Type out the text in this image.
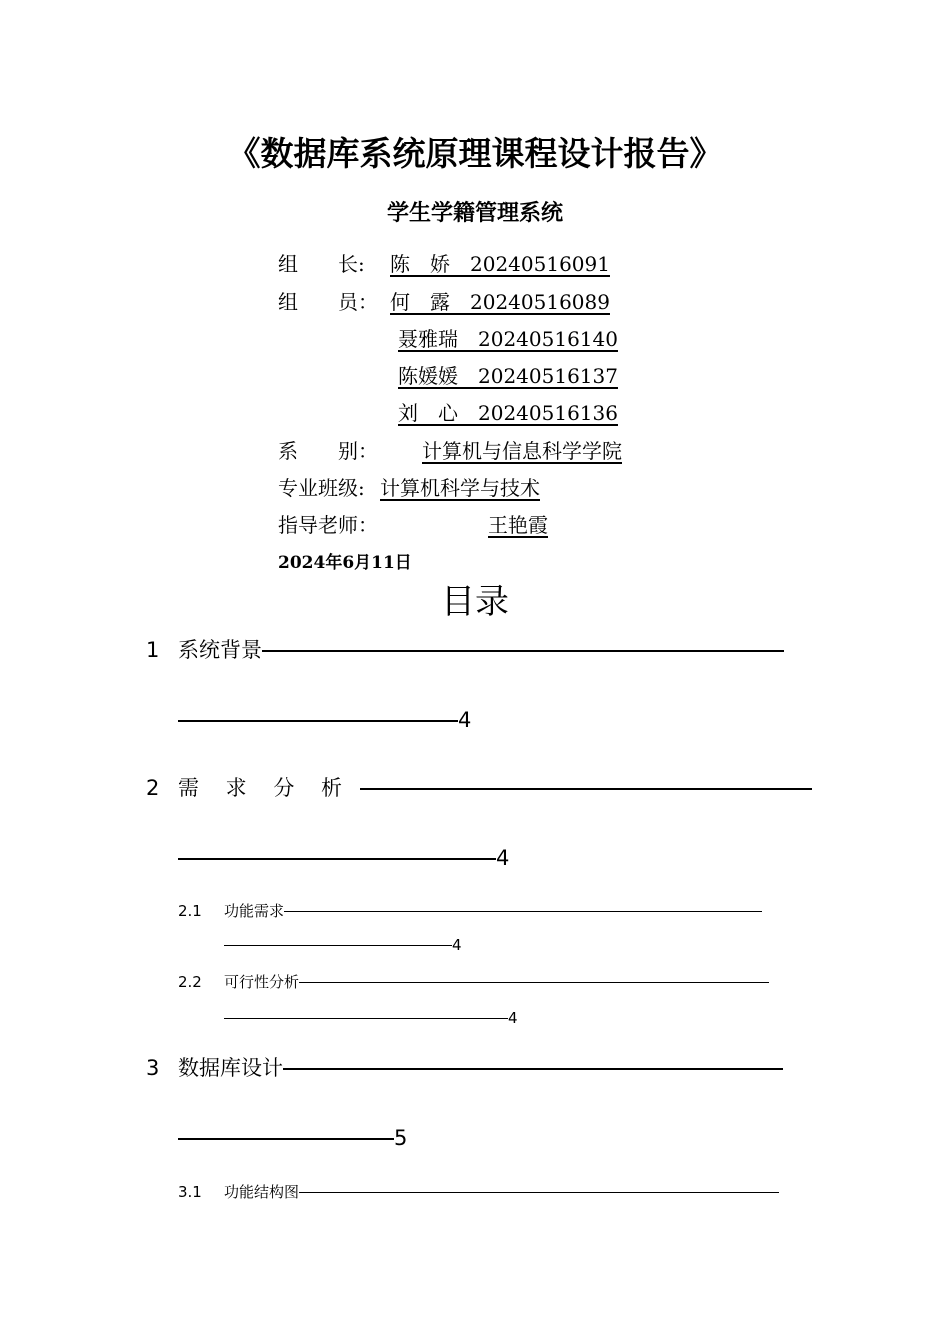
《数据库系统原理课程设计报告》
学生学籍管理系统
组　　长: 陈　娇　20240516091
组　　员： 何　露　20240516089
聂雅瑞　20240516140
陈媛媛　20240516137
刘　心　20240516136
系　　别： 计算机与信息科学学院
专业班级: 计算机科学与技术
指导老师：	王艳霞
2024年6月11日
目录
1 系统背景
4
2 需 求 分 析
4
2.1 功能需求
4
2.2 可行性分析
4
3 数据库设计
5
3.1 功能结构图
